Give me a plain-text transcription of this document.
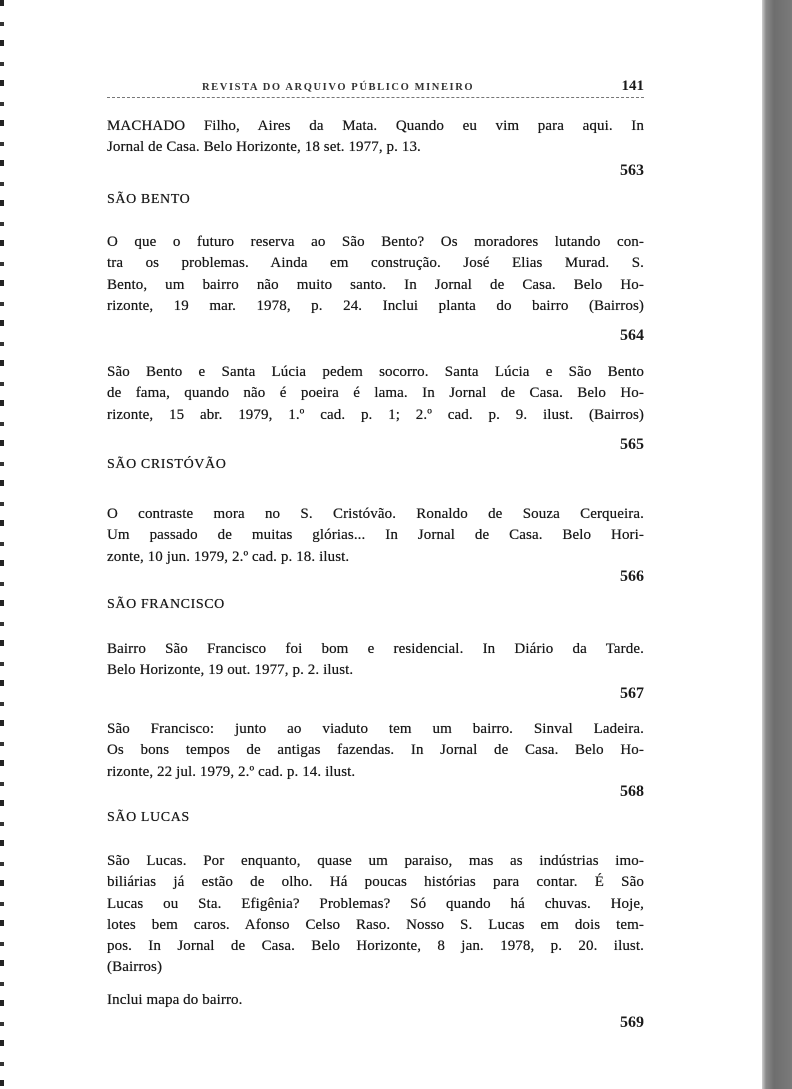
REVISTA DO ARQUIVO PÚBLICO MINEIRO	141
MACHADO Filho, Aires da Mata. Quando eu vim para aqui. In
Jornal de Casa. Belo Horizonte, 18 set. 1977, p. 13.
563
SÃO BENTO
O que o futuro reserva ao São Bento? Os moradores lutando con-
tra os problemas. Ainda em construção. José Elias Murad. S.
Bento, um bairro não muito santo. In Jornal de Casa. Belo Ho-
rizonte, 19 mar. 1978, p. 24. Inclui planta do bairro (Bairros)
564
São Bento e Santa Lúcia pedem socorro. Santa Lúcia e São Bento
de fama, quando não é poeira é lama. In Jornal de Casa. Belo Ho-
rizonte, 15 abr. 1979, 1.º cad. p. 1; 2.º cad. p. 9. ilust. (Bairros)
565
SÃO CRISTÓVÃO
O contraste mora no S. Cristóvão. Ronaldo de Souza Cerqueira.
Um passado de muitas glórias... In Jornal de Casa. Belo Hori-
zonte, 10 jun. 1979, 2.º cad. p. 18. ilust.
566
SÃO FRANCISCO
Bairro São Francisco foi bom e residencial. In Diário da Tarde.
Belo Horizonte, 19 out. 1977, p. 2. ilust.
567
São Francisco: junto ao viaduto tem um bairro. Sinval Ladeira.
Os bons tempos de antigas fazendas. In Jornal de Casa. Belo Ho-
rizonte, 22 jul. 1979, 2.º cad. p. 14. ilust.
568
SÃO LUCAS
São Lucas. Por enquanto, quase um paraiso, mas as indústrias imo-
biliárias já estão de olho. Há poucas histórias para contar. É São
Lucas ou Sta. Efigênia? Problemas? Só quando há chuvas. Hoje,
lotes bem caros. Afonso Celso Raso. Nosso S. Lucas em dois tem-
pos. In Jornal de Casa. Belo Horizonte, 8 jan. 1978, p. 20. ilust.
(Bairros)
Inclui mapa do bairro.
569
